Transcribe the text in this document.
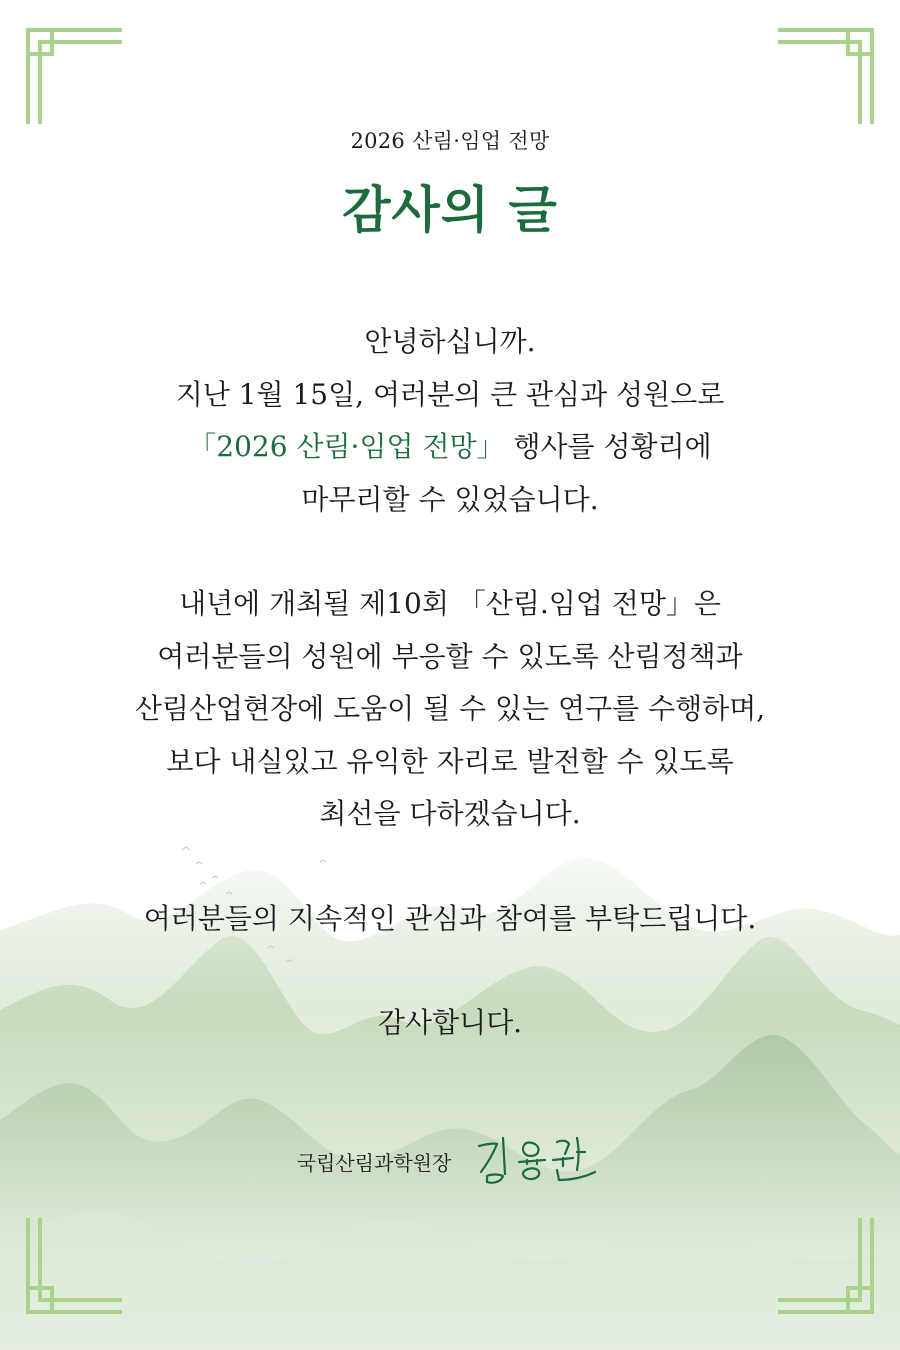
2026 산림·임업 전망
감사의 글
안녕하십니까.
지난 1월 15일, 여러분의 큰 관심과 성원으로
「2026 산림·임업 전망」 행사를 성황리에
마무리할 수 있었습니다.
내년에 개최될 제10회 「산림.임업 전망」은
여러분들의 성원에 부응할 수 있도록 산림정책과
산림산업현장에 도움이 될 수 있는 연구를 수행하며,
보다 내실있고 유익한 자리로 발전할 수 있도록
최선을 다하겠습니다.
여러분들의 지속적인 관심과 참여를 부탁드립니다.
감사합니다.
국립산림과학원장
